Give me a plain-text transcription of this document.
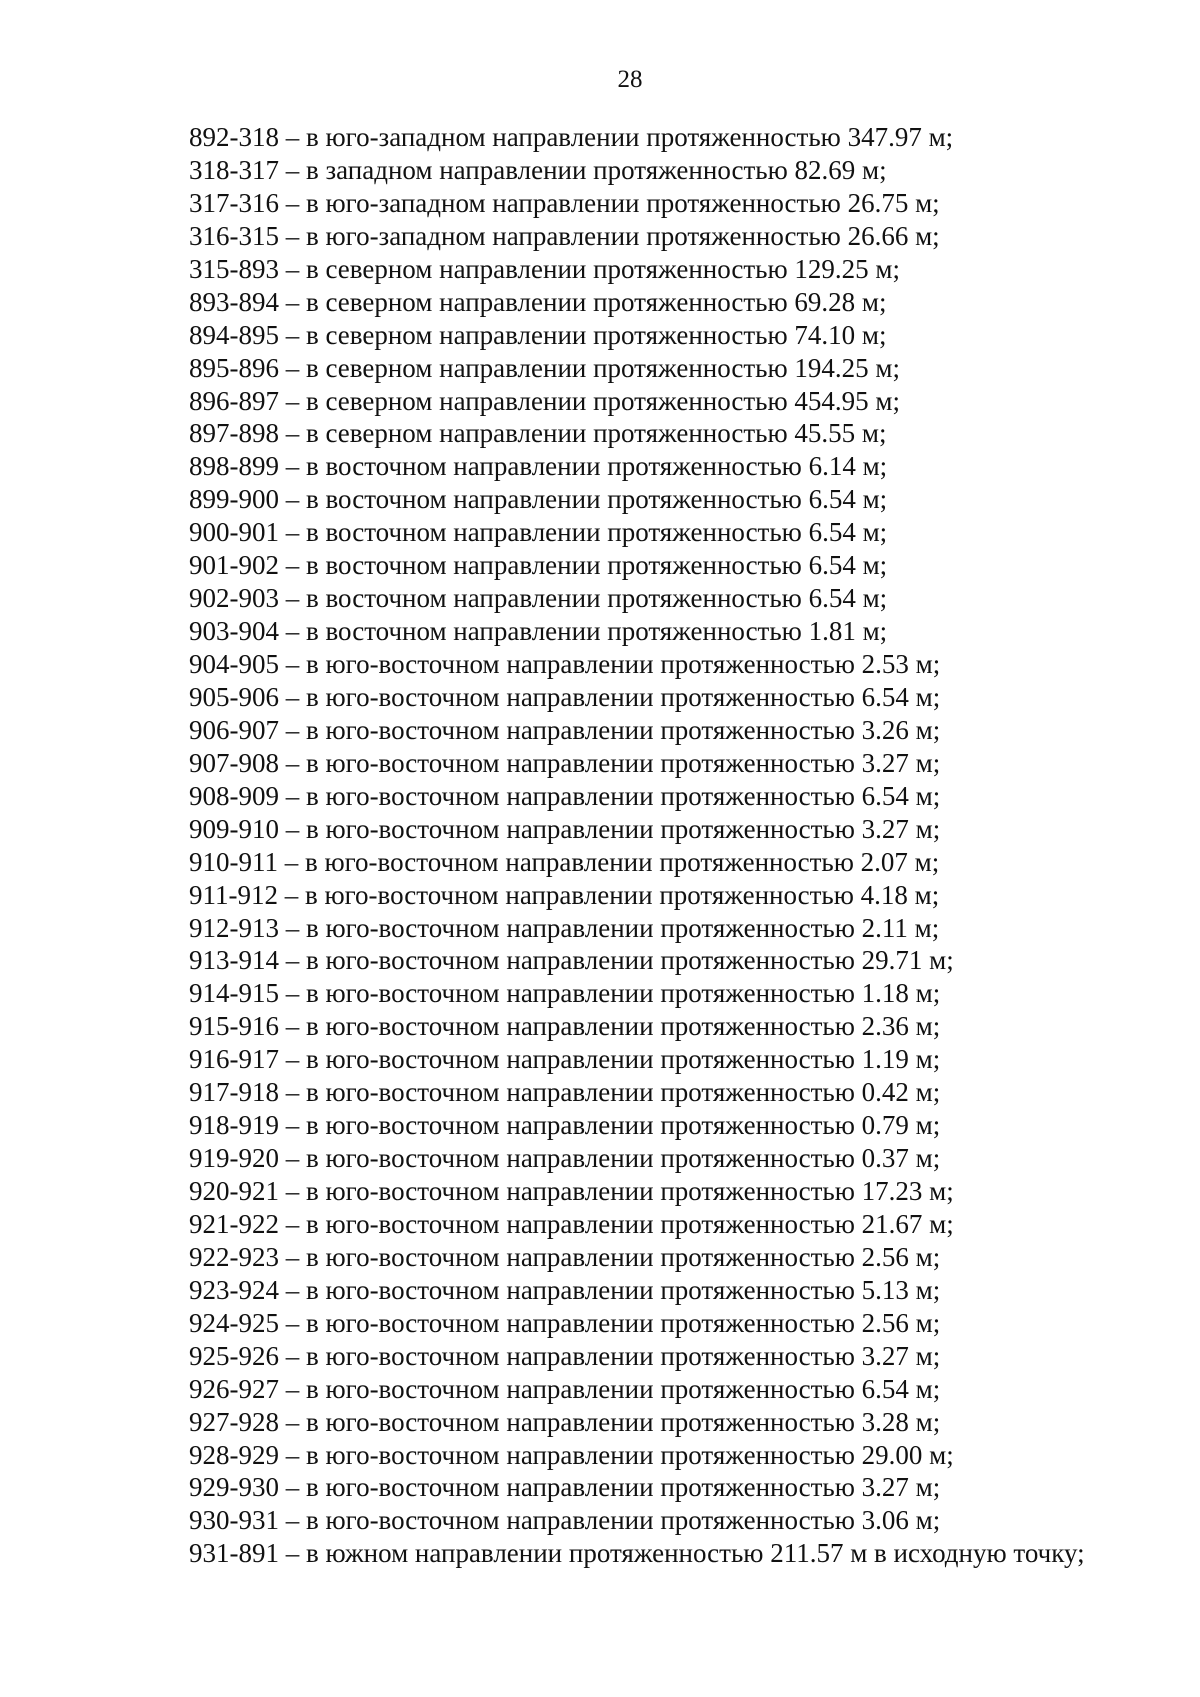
28
892-318 – в юго-западном направлении протяженностью 347.97 м;
318-317 – в западном направлении протяженностью 82.69 м;
317-316 – в юго-западном направлении протяженностью 26.75 м;
316-315 – в юго-западном направлении протяженностью 26.66 м;
315-893 – в северном направлении протяженностью 129.25 м;
893-894 – в северном направлении протяженностью 69.28 м;
894-895 – в северном направлении протяженностью 74.10 м;
895-896 – в северном направлении протяженностью 194.25 м;
896-897 – в северном направлении протяженностью 454.95 м;
897-898 – в северном направлении протяженностью 45.55 м;
898-899 – в восточном направлении протяженностью 6.14 м;
899-900 – в восточном направлении протяженностью 6.54 м;
900-901 – в восточном направлении протяженностью 6.54 м;
901-902 – в восточном направлении протяженностью 6.54 м;
902-903 – в восточном направлении протяженностью 6.54 м;
903-904 – в восточном направлении протяженностью 1.81 м;
904-905 – в юго-восточном направлении протяженностью 2.53 м;
905-906 – в юго-восточном направлении протяженностью 6.54 м;
906-907 – в юго-восточном направлении протяженностью 3.26 м;
907-908 – в юго-восточном направлении протяженностью 3.27 м;
908-909 – в юго-восточном направлении протяженностью 6.54 м;
909-910 – в юго-восточном направлении протяженностью 3.27 м;
910-911 – в юго-восточном направлении протяженностью 2.07 м;
911-912 – в юго-восточном направлении протяженностью 4.18 м;
912-913 – в юго-восточном направлении протяженностью 2.11 м;
913-914 – в юго-восточном направлении протяженностью 29.71 м;
914-915 – в юго-восточном направлении протяженностью 1.18 м;
915-916 – в юго-восточном направлении протяженностью 2.36 м;
916-917 – в юго-восточном направлении протяженностью 1.19 м;
917-918 – в юго-восточном направлении протяженностью 0.42 м;
918-919 – в юго-восточном направлении протяженностью 0.79 м;
919-920 – в юго-восточном направлении протяженностью 0.37 м;
920-921 – в юго-восточном направлении протяженностью 17.23 м;
921-922 – в юго-восточном направлении протяженностью 21.67 м;
922-923 – в юго-восточном направлении протяженностью 2.56 м;
923-924 – в юго-восточном направлении протяженностью 5.13 м;
924-925 – в юго-восточном направлении протяженностью 2.56 м;
925-926 – в юго-восточном направлении протяженностью 3.27 м;
926-927 – в юго-восточном направлении протяженностью 6.54 м;
927-928 – в юго-восточном направлении протяженностью 3.28 м;
928-929 – в юго-восточном направлении протяженностью 29.00 м;
929-930 – в юго-восточном направлении протяженностью 3.27 м;
930-931 – в юго-восточном направлении протяженностью 3.06 м;
931-891 – в южном направлении протяженностью 211.57 м в исходную точку;
